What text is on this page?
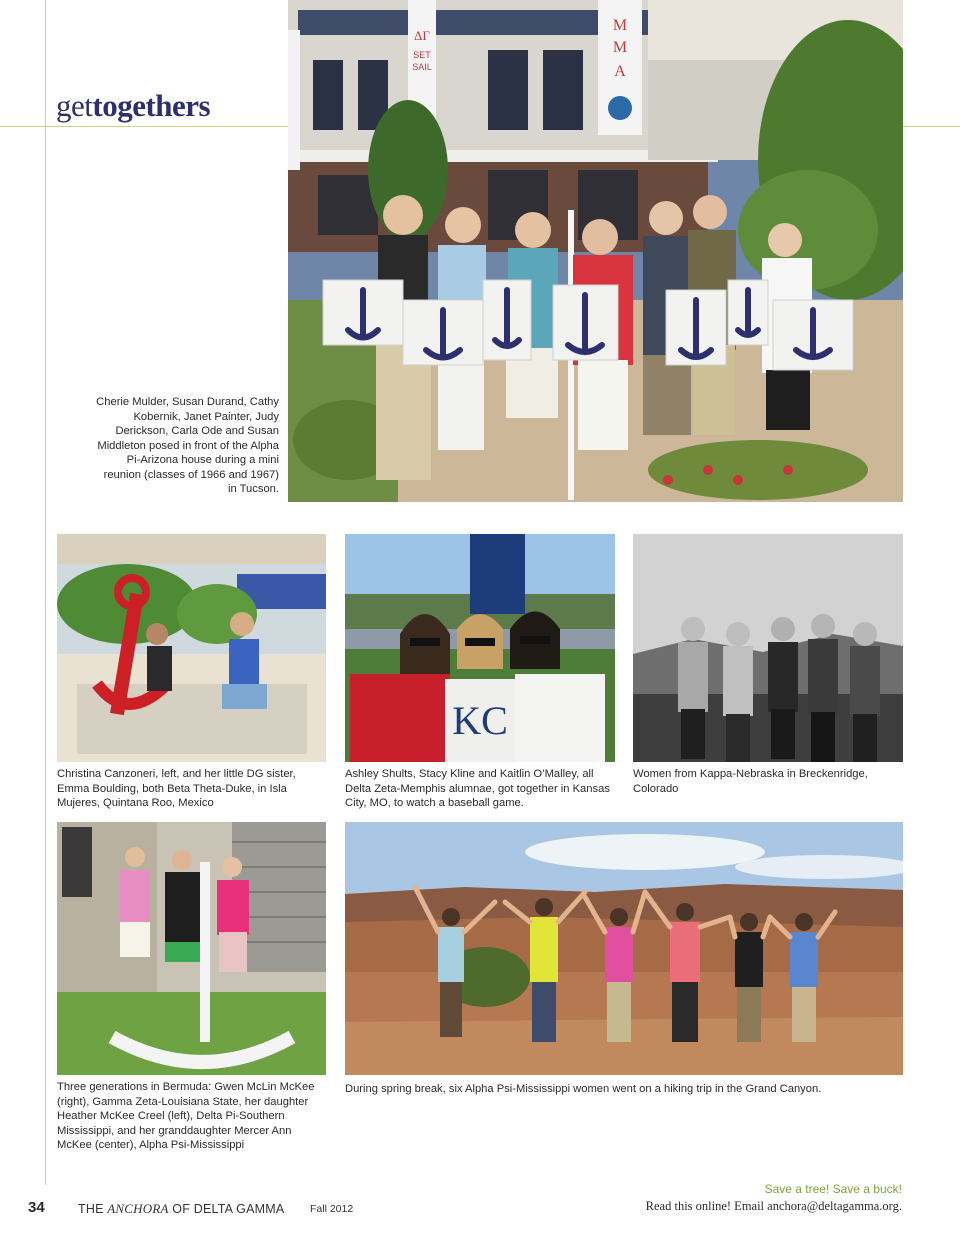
gettogethers
ΔΓ
SET
SAIL
M
M
A
Cherie Mulder, Susan Durand, Cathy Kobernik, Janet Painter, Judy Derickson, Carla Ode and Susan Middleton posed in front of the Alpha Pi-Arizona house during a mini reunion (classes of 1966 and 1967) in Tucson.
KC
Christina Canzoneri, left, and her little DG sister, Emma Boulding, both Beta Theta-Duke, in Isla Mujeres, Quintana Roo, Mexico
Ashley Shults, Stacy Kline and Kaitlin O’Malley, all Delta Zeta-Memphis alumnae, got together in Kansas City, MO, to watch a baseball game.
Women from Kappa-Nebraska in Breckenridge, Colorado
Three generations in Bermuda: Gwen McLin McKee (right), Gamma Zeta-Louisiana State, her daughter Heather McKee Creel (left), Delta Pi-Southern Mississippi, and her granddaughter Mercer Ann McKee (center), Alpha Psi-Mississippi
During spring break, six Alpha Psi-Mississippi women went on a hiking trip in the Grand Canyon.
34	THE ANCHORA OF DELTA GAMMA Fall 2012
Save a tree! Save a buck!
Read this online! Email anchora@deltagamma.org.
